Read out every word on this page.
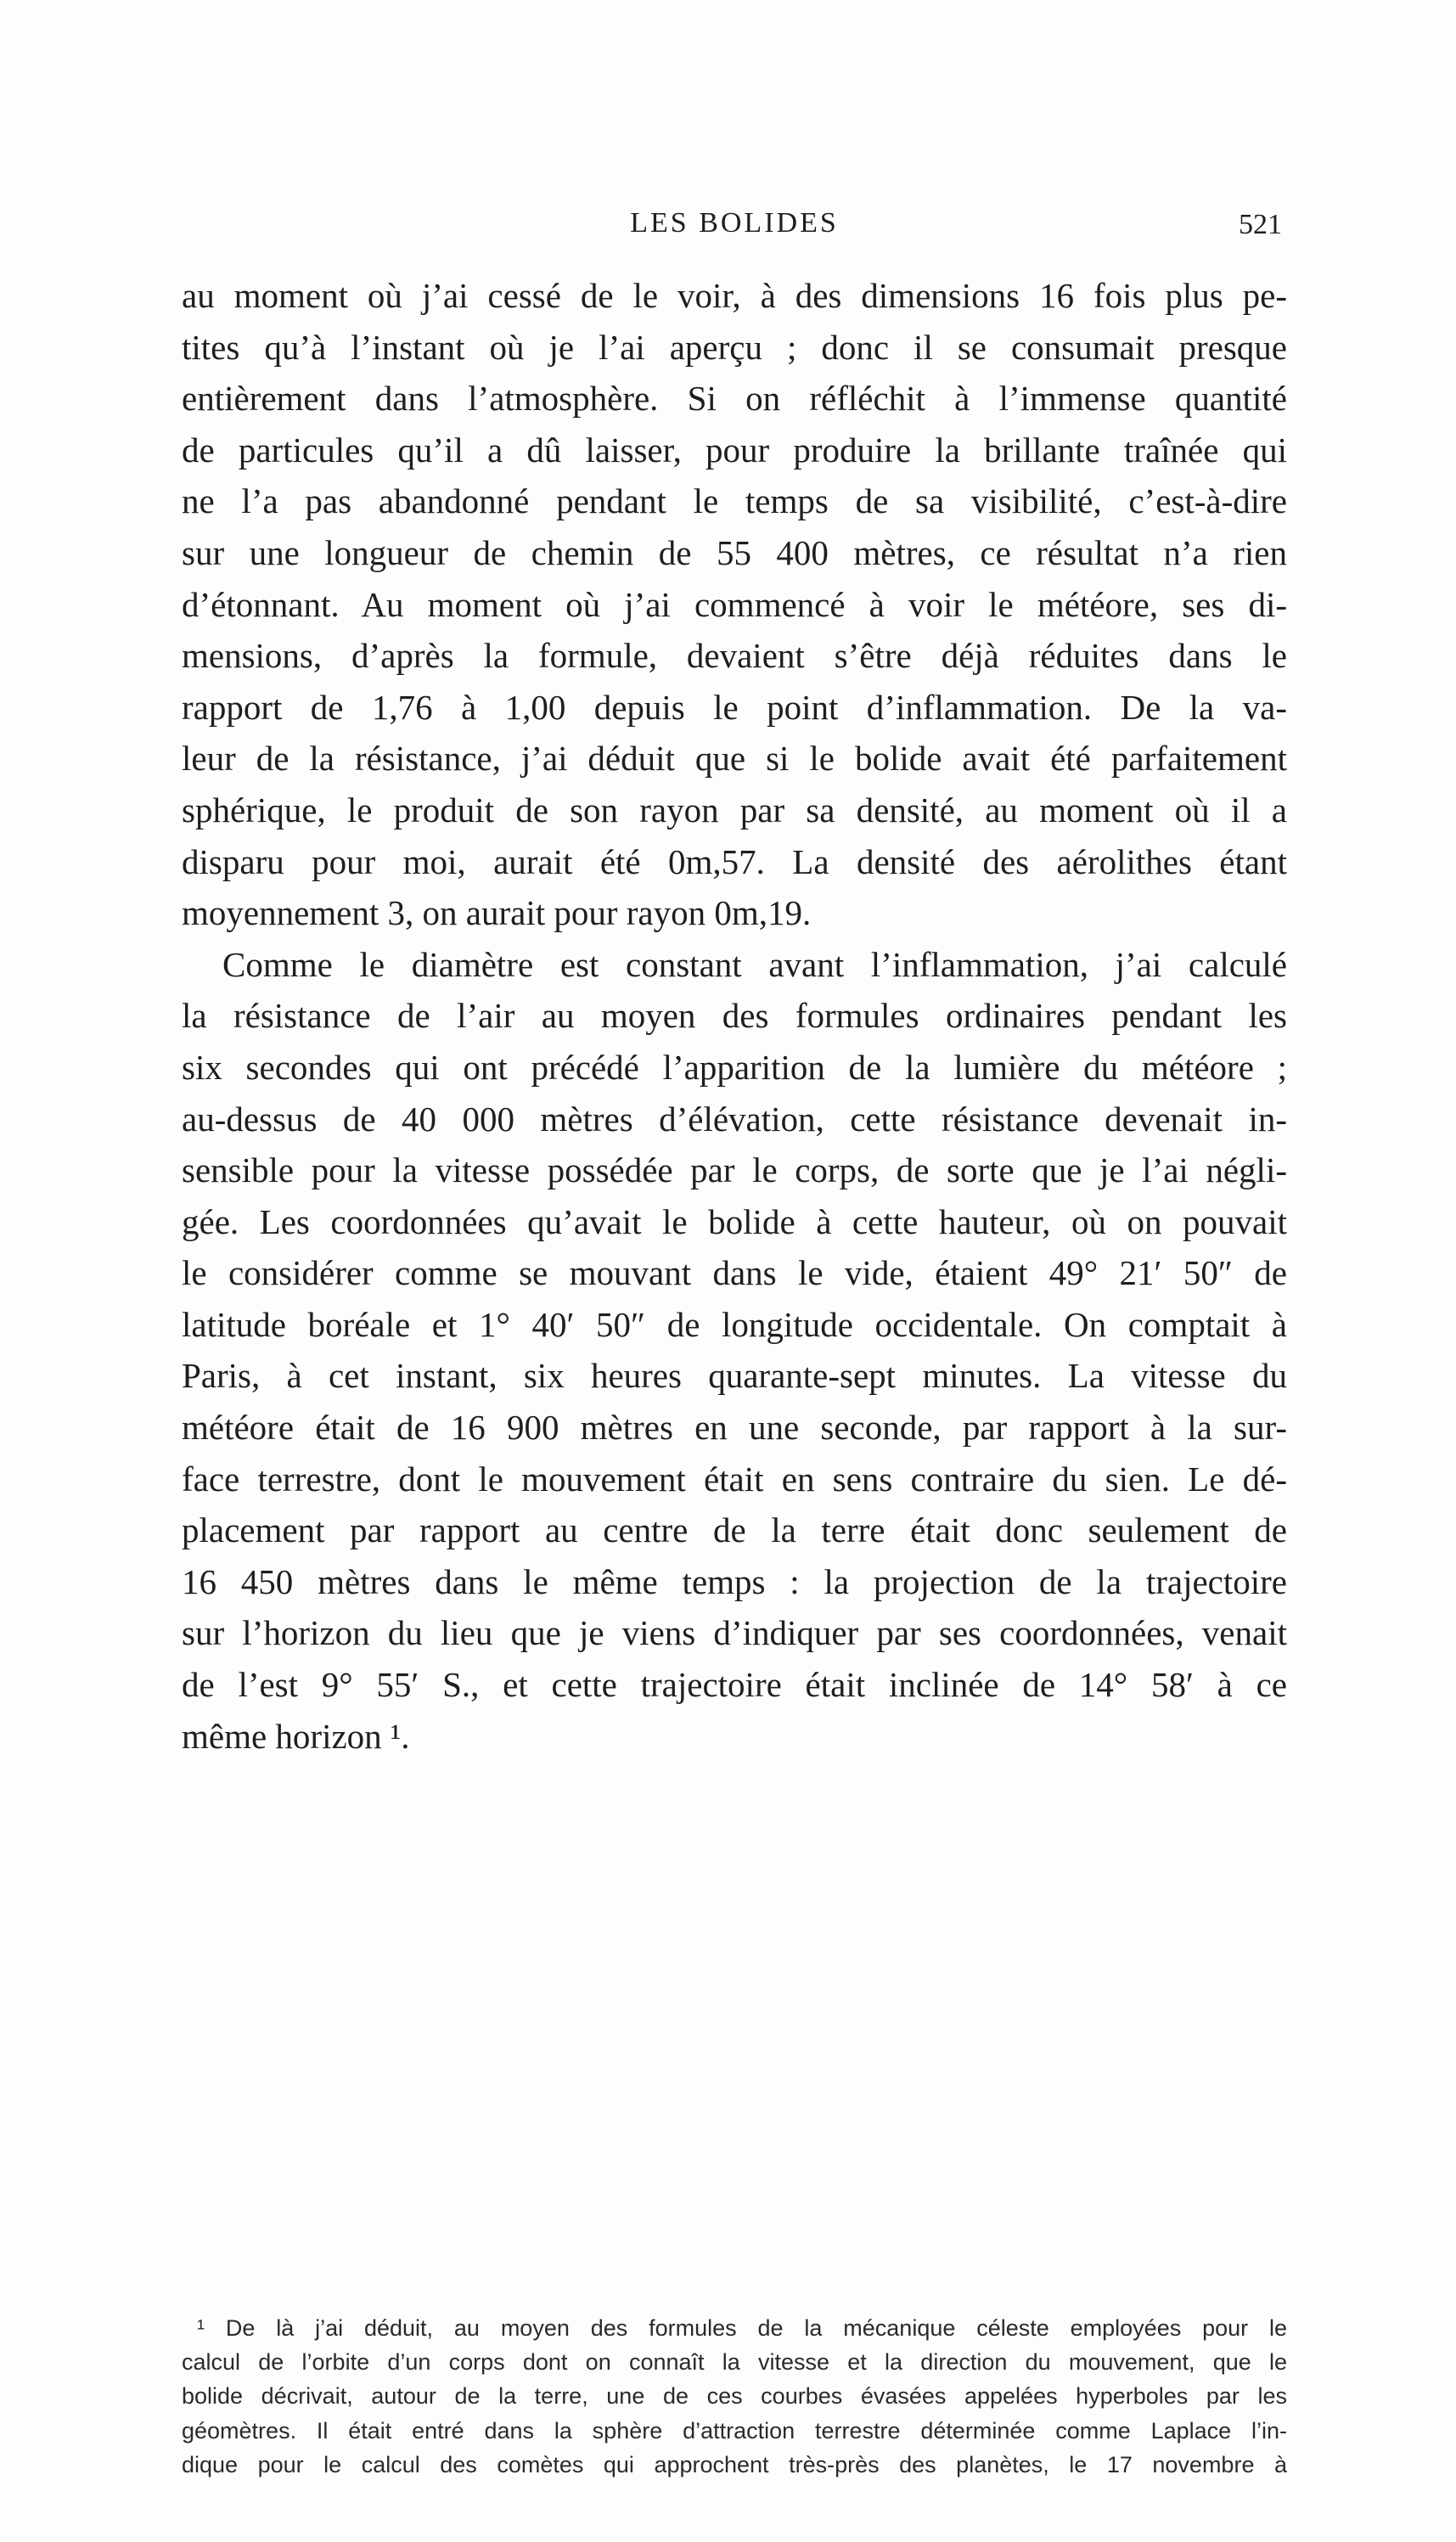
LES BOLIDES	521
au moment où j’ai cessé de le voir, à des dimensions 16 fois plus pe-
tites qu’à l’instant où je l’ai aperçu ; donc il se consumait presque
entièrement dans l’atmosphère. Si on réfléchit à l’immense quantité
de particules qu’il a dû laisser, pour produire la brillante traînée qui
ne l’a pas abandonné pendant le temps de sa visibilité, c’est-à-dire
sur une longueur de chemin de 55 400 mètres, ce résultat n’a rien
d’étonnant. Au moment où j’ai commencé à voir le météore, ses di-
mensions, d’après la formule, devaient s’être déjà réduites dans le
rapport de 1,76 à 1,00 depuis le point d’inflammation. De la va-
leur de la résistance, j’ai déduit que si le bolide avait été parfaitement
sphérique, le produit de son rayon par sa densité, au moment où il a
disparu pour moi, aurait été 0m,57. La densité des aérolithes étant
moyennement 3, on aurait pour rayon 0m,19.
Comme le diamètre est constant avant l’inflammation, j’ai calculé
la résistance de l’air au moyen des formules ordinaires pendant les
six secondes qui ont précédé l’apparition de la lumière du météore ;
au-dessus de 40 000 mètres d’élévation, cette résistance devenait in-
sensible pour la vitesse possédée par le corps, de sorte que je l’ai négli-
gée. Les coordonnées qu’avait le bolide à cette hauteur, où on pouvait
le considérer comme se mouvant dans le vide, étaient 49° 21′ 50″ de
latitude boréale et 1° 40′ 50″ de longitude occidentale. On comptait à
Paris, à cet instant, six heures quarante-sept minutes. La vitesse du
météore était de 16 900 mètres en une seconde, par rapport à la sur-
face terrestre, dont le mouvement était en sens contraire du sien. Le dé-
placement par rapport au centre de la terre était donc seulement de
16 450 mètres dans le même temps : la projection de la trajectoire
sur l’horizon du lieu que je viens d’indiquer par ses coordonnées, venait
de l’est 9° 55′ S., et cette trajectoire était inclinée de 14° 58′ à ce
même horizon ¹.
¹ De là j’ai déduit, au moyen des formules de la mécanique céleste employées pour le
calcul de l’orbite d’un corps dont on connaît la vitesse et la direction du mouvement, que le
bolide décrivait, autour de la terre, une de ces courbes évasées appelées hyperboles par les
géomètres. Il était entré dans la sphère d’attraction terrestre déterminée comme Laplace l’in-
dique pour le calcul des comètes qui approchent très-près des planètes, le 17 novembre à
